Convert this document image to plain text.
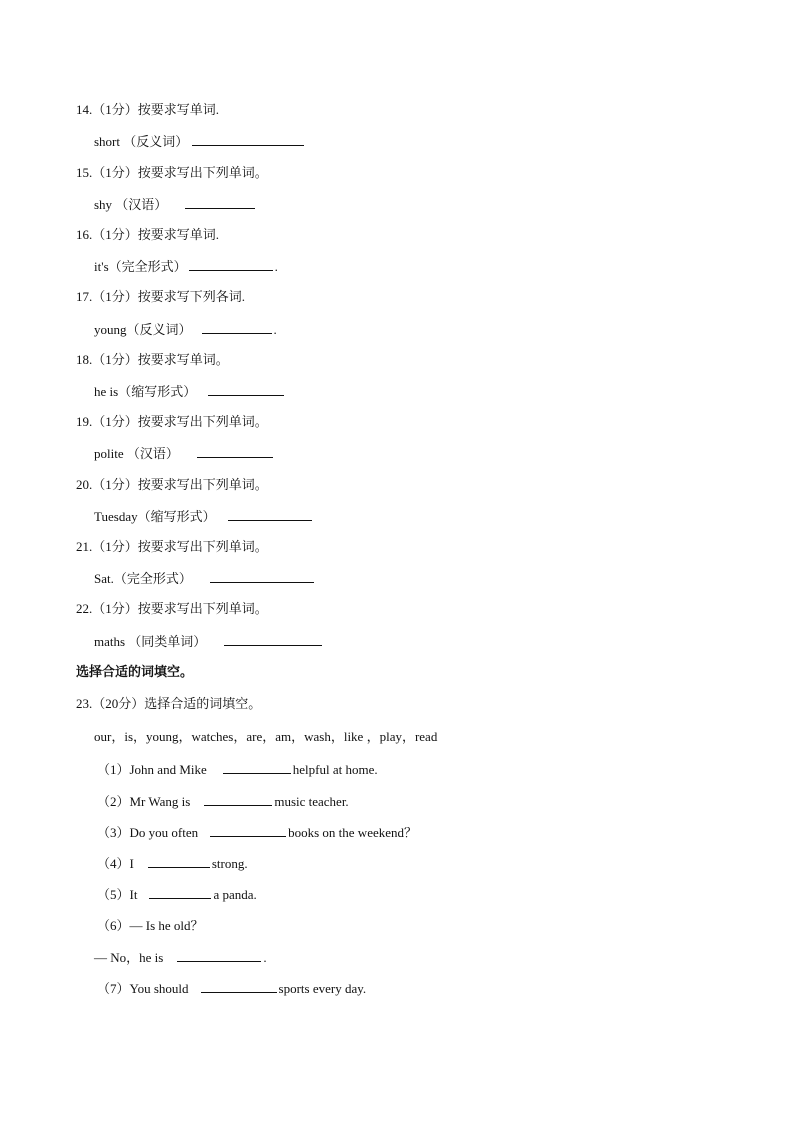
14.（1分）按要求写单词.
short （反义词）
15.（1分）按要求写出下列单词。
shy （汉语）
16.（1分）按要求写单词.
it's（完全形式）	.
17.（1分）按要求写下列各词.
young（反义词）	.
18.（1分）按要求写单词。
he is（缩写形式）
19.（1分）按要求写出下列单词。
polite （汉语）
20.（1分）按要求写出下列单词。
Tuesday（缩写形式）
21.（1分）按要求写出下列单词。
Sat.（完全形式）
22.（1分）按要求写出下列单词。
maths （同类单词）
选择合适的词填空。
23.（20分）选择合适的词填空。
our，is，young，watches，are，am，wash，like ，play，read
（1）John and Mike	helpful at home.
（2）Mr Wang is	music teacher.
（3）Do you often	books on the weekend？
（4）I	strong.
（5）It	a panda.
（6）— Is he old？
— No，he is	.
（7）You should	sports every day.
